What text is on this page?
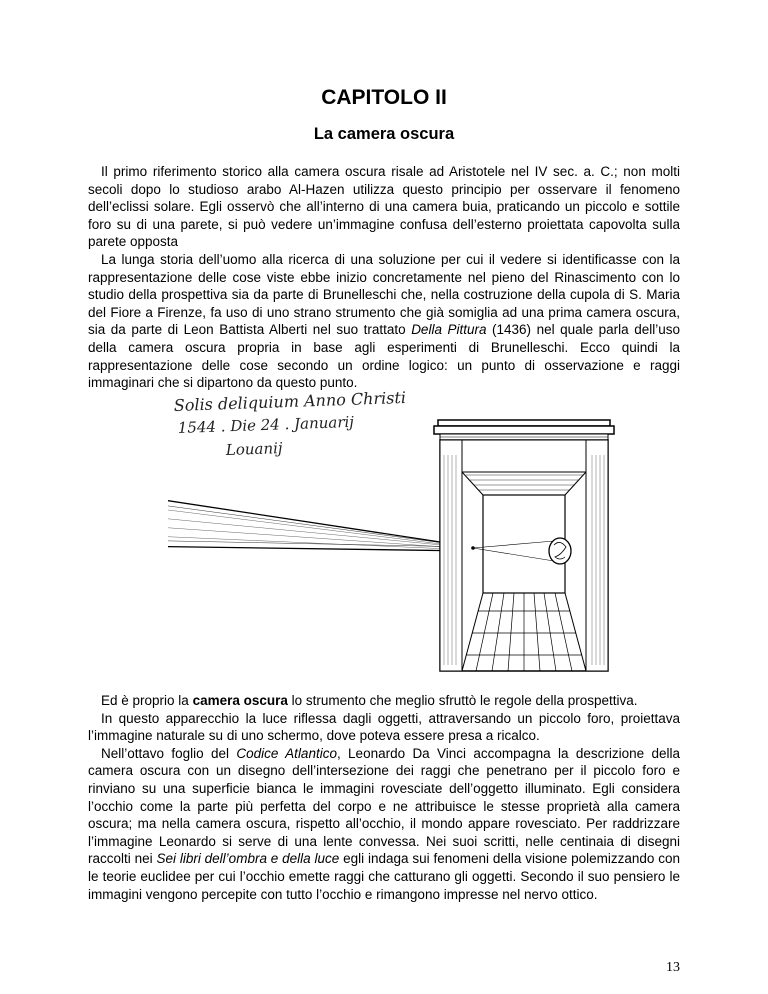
CAPITOLO II
La camera oscura

Il primo riferimento storico alla camera oscura risale ad Aristotele nel IV sec. a. C.; non molti secoli dopo lo studioso arabo Al-Hazen utilizza questo principio per osservare il fenomeno dell’eclissi solare. Egli osservò che all’interno di una camera buia, praticando un piccolo e sottile foro su di una parete, si può vedere un’immagine confusa dell’esterno proiettata capovolta sulla parete opposta

La lunga storia dell’uomo alla ricerca di una soluzione per cui il vedere si identificasse con la rappresentazione delle cose viste ebbe inizio concretamente nel pieno del Rinascimento con lo studio della prospettiva sia da parte di Brunelleschi che, nella costruzione della cupola di S. Maria del Fiore a Firenze, fa uso di uno strano strumento che già somiglia ad una prima camera oscura, sia da parte di Leon Battista Alberti nel suo trattato Della Pittura (1436) nel quale parla dell’uso della camera oscura propria in base agli esperimenti di Brunelleschi. Ecco quindi la rappresentazione delle cose secondo un ordine logico: un punto di osservazione e raggi immaginari che si dipartono da questo punto.

Solis deliquium Anno Christi
1544 . Die 24 . Januarij
Louanij

Ed è proprio la camera oscura lo strumento che meglio sfruttò le regole della prospettiva.

In questo apparecchio la luce riflessa dagli oggetti, attraversando un piccolo foro, proiettava l’immagine naturale su di uno schermo, dove poteva essere presa a ricalco.

Nell’ottavo foglio del Codice Atlantico, Leonardo Da Vinci accompagna la descrizione della camera oscura con un disegno dell’intersezione dei raggi che penetrano per il piccolo foro e rinviano su una superficie bianca le immagini rovesciate dell’oggetto illuminato. Egli considera l’occhio come la parte più perfetta del corpo e ne attribuisce le stesse proprietà alla camera oscura; ma nella camera oscura, rispetto all’occhio, il mondo appare rovesciato. Per raddrizzare l’immagine Leonardo si serve di una lente convessa. Nei suoi scritti, nelle centinaia di disegni raccolti nei Sei libri dell’ombra e della luce egli indaga sui fenomeni della visione polemizzando con le teorie euclidee per cui l’occhio emette raggi che catturano gli oggetti. Secondo il suo pensiero le immagini vengono percepite con tutto l’occhio e rimangono impresse nel nervo ottico.

13
